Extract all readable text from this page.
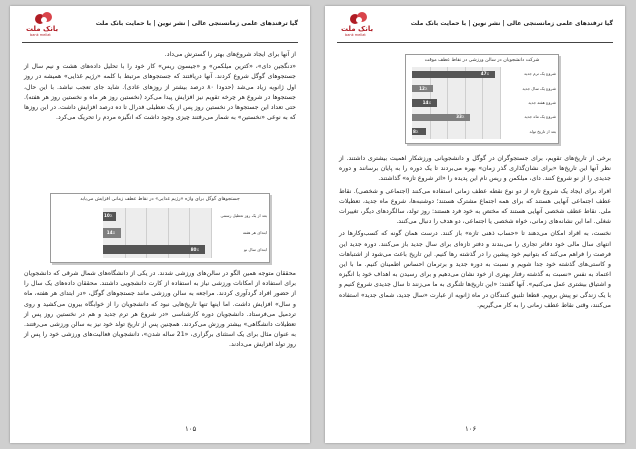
گیا ترفندهای علمی زمانسنجی عالی | نشر نوین | با حمایت بانک ملت
بانک ملت
bank mellat

از آنها برای ایجاد شروع‌های بهتر را گسترش می‌داد.

«دنگجین دای»، «کترین میلکمن» و «جیسون ریس» کار خود را با تحلیل داده‌های هشت و نیم سال از جستجوهای گوگل شروع کردند. آنها دریافتند که جستجوهای مرتبط با کلمه «رژیم غذایی» همیشه در روز اول ژانویه زیاد می‌شد (حدودا ۸۰ درصد بیشتر از روزهای عادی). شاید جای تعجب نباشد. با این حال، جستجوها در شروع هر چرخه تقویم نیز افزایش پیدا می‌کرد (نخستین روز هر ماه و نخستین روز هر هفته). حتی تعداد این جستجوها در نخستین روز پس از یک تعطیلی فدرال تا ده درصد افزایش داشت. در این روزها که به نوعی «نخستین» به شمار می‌رفتند چیزی وجود داشت که انگیزه مردم را تحریک می‌کرد.

جستجوهای گوگل برای واژه «رژیم غذایی» در نقاط عطف زمانی افزایش می‌یابد
10٪
14٪
80٪
بعد از یک روز تعطیل رسمی
ابتدای هر هفته
ابتدای سال نو

محققان متوجه همین الگو در سالن‌های ورزشی شدند. در یکی از دانشگاه‌های شمال شرقی که دانشجویان برای استفاده از امکانات ورزشی نیاز به استفاده از کارت دانشجویی داشتند. محققان داده‌های یک سال را از حضور افراد گردآوری کردند. مراجعه به سالن ورزشی مانند جستجوهای گوگل، «در ابتدای هر هفته، ماه و سال» افزایش داشت. اما اینها تنها تاریخ‌هایی نبود که دانشجویان را از خوابگاه بیرون می‌کشید و روی تردمیل می‌فرستاد. دانشجویان دوره کارشناسی «در شروع هر ترم جدید و هم در نخستین روز پس از تعطیلات دانشگاهی» بیشتر ورزش می‌کردند. همچنین پس از تاریخ تولد خود نیز به سالن ورزشی می‌رفتند. به عنوان مثال برای یک استثنای برگزاری، «21 ساله شدن»، دانشجویان فعالیت‌های ورزشی خود را پس از روز تولد افزایش می‌دادند.

۱۰۵
گیا ترفندهای علمی زمانسنجی عالی | نشر نوین | با حمایت بانک ملت
بانک ملت
bank mellat
شرکت دانشجویان در سالن ورزشی در نقاط عطف موقت
47٪
12٪
14٪
33٪
8٪
شروع یک ترم جدید
شروع یک سال جدید
شروع هفته جدید
شروع یک ماه جدید
بعد از تاریخ تولد

برخی از تاریخ‌های تقویم، برای جستجوگران در گوگل و دانشجویانی ورزشکار اهمیت بیشتری داشتند. از نظر آنها این تاریخ‌ها «برای نشان‌گذاری گذر زمان» بهره می‌بردند تا یک دوره را به پایان برسانند و دوره جدیدی را از نو شروع کنند. دای، میلکمن و ریس نام این پدیده را «اثر شروع تازه» گذاشتند.

افراد برای ایجاد یک شروع تازه از دو نوع نقطه عطف زمانی استفاده می‌کنند (اجتماعی و شخصی). نقاط عطف اجتماعی آنهایی هستند که برای همه اجتماع مشترک هستند؛ دوشنبه‌ها، شروع ماه جدید، تعطیلات ملی. نقاط عطف شخصی آنهایی هستند که مختص به خود فرد هستند: روز تولد، سالگردهای دیگر، تغییرات شغلی. اما این نشانه‌های زمانی، خواه شخصی یا اجتماعی، دو هدف را دنبال می‌کنند.

نخست، به افراد امکان می‌دهند تا «حساب ذهنی تازه» باز کنند. درست همان گونه که کسب‌وکارها در انتهای سال مالی خود دفاتر تجاری را می‌بندند و دفتر تازه‌ای برای سال جدید باز می‌کنند. دوره جدید این فرصت را فراهم می‌کند که بتوانیم خود پیشین را در گذشته رها کنیم. این تاریخ باعث می‌شود از اشتباهات و کاستی‌های گذشته خود جدا شویم و نسبت به دوره جدید و برترمان احساس اطمینان کنیم. ما با این اعتماد به نفس «نسبت به گذشته رفتار بهتری از خود نشان می‌دهیم و برای رسیدن به اهداف خود با انگیزه و اشتیاق بیشتری عمل می‌کنیم». آنها گفتند: «این تاریخ‌ها تلنگری به ما می‌زنند تا سال جدیدی شروع کنیم و با یک زندگی نو پیش برویم. قطعا تلنیق کنندگان در ماه ژانویه از عبارت «سال جدید، شمای جدید» استفاده می‌کنند، وقتی نقاط عطف زمانی را به کار می‌گیریم.

۱۰۶
